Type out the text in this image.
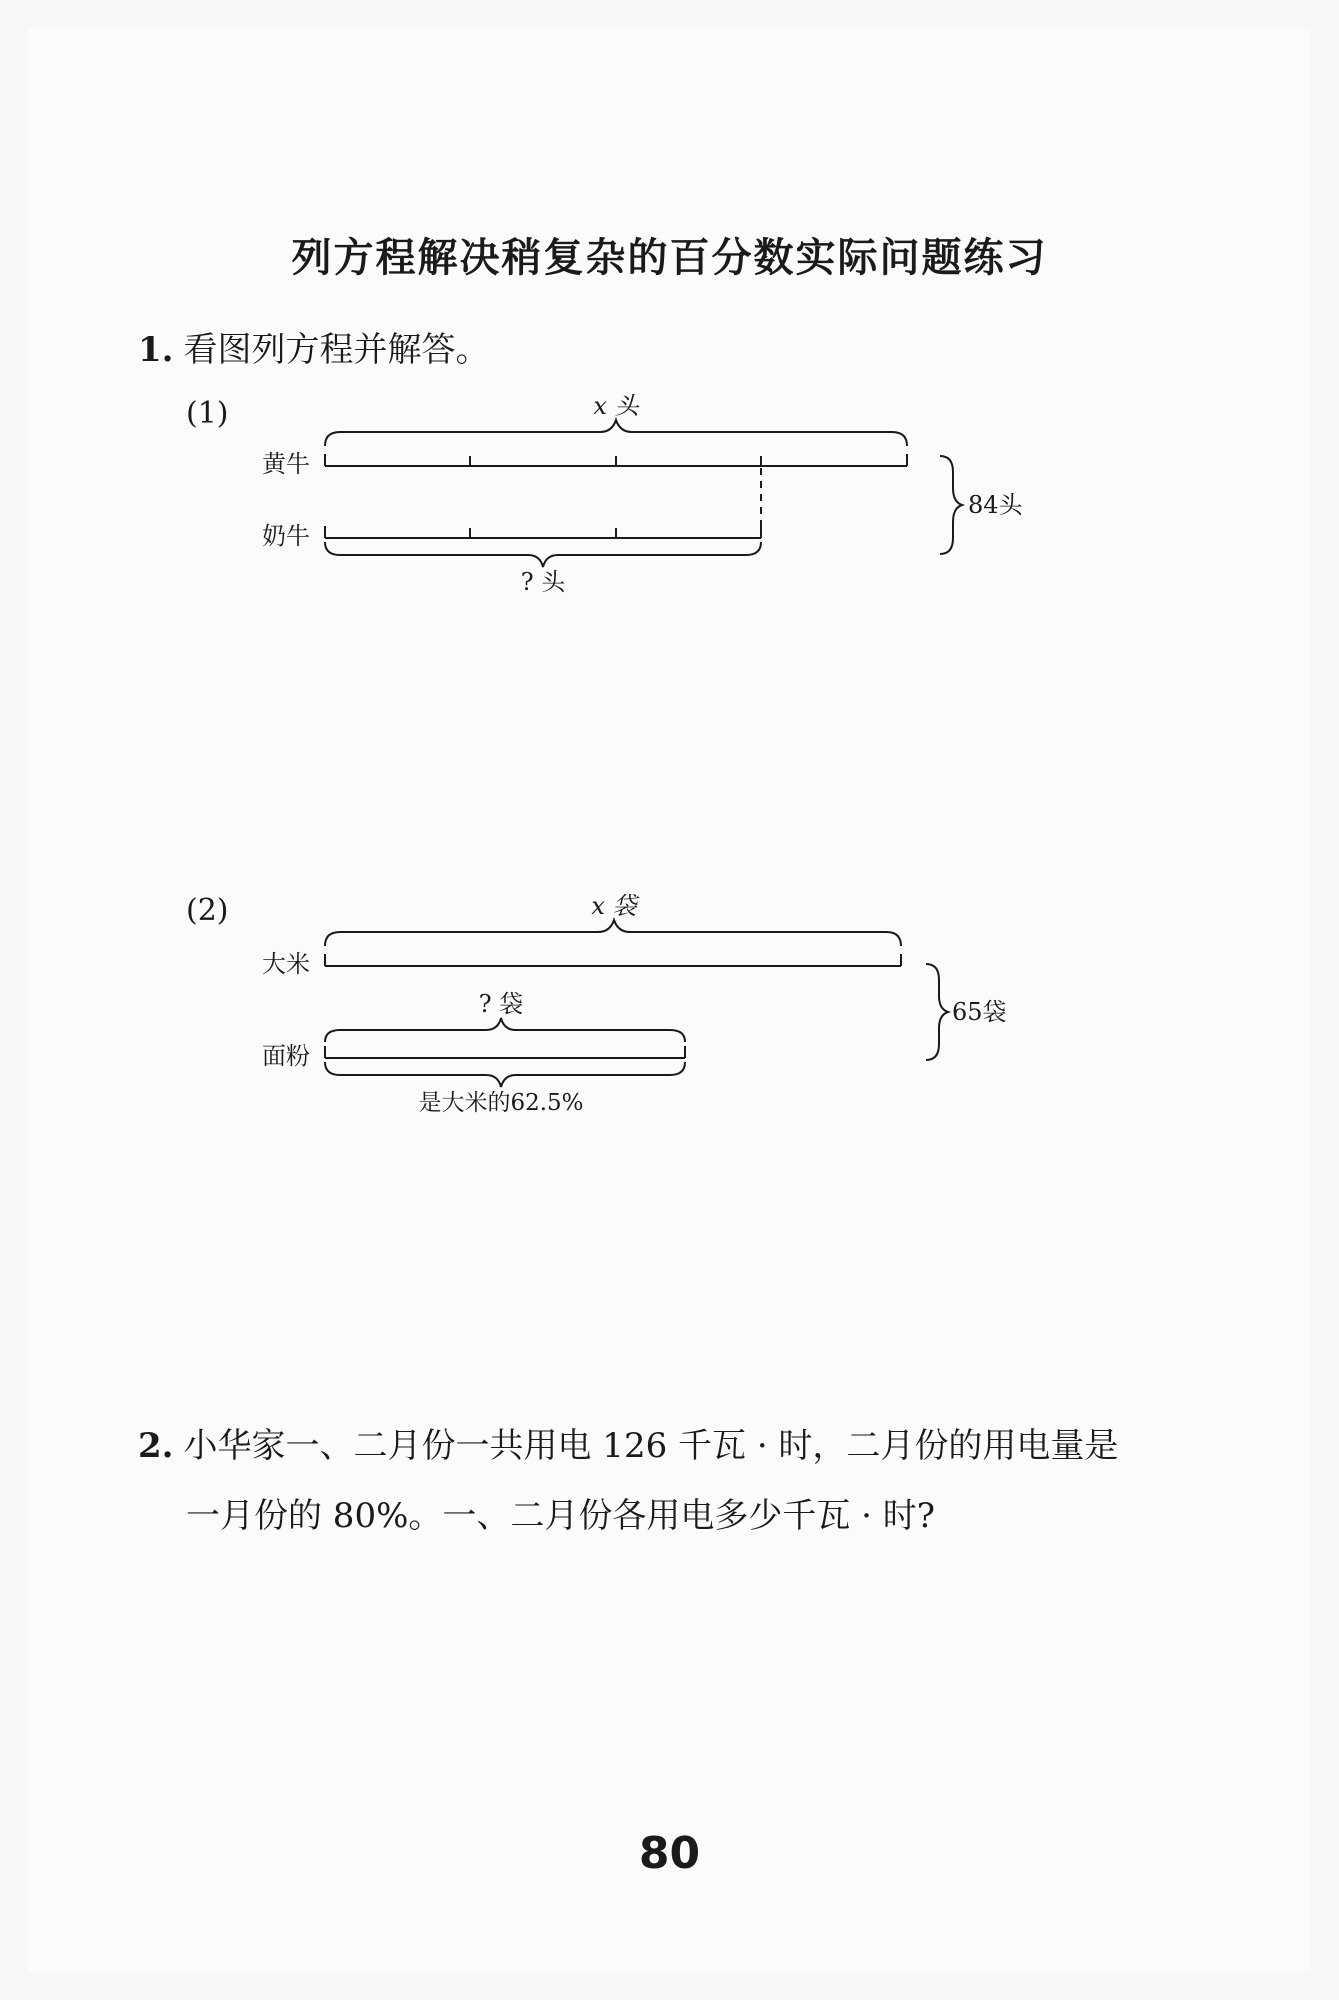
列方程解决稍复杂的百分数实际问题练习
1. 看图列方程并解答。
(1)
(2)
黄牛
奶牛
x 头
? 头
84头
大米
面粉
x 袋
? 袋
是大米的62.5%
65袋
2. 小华家一、二月份一共用电 126 千瓦 · 时，二月份的用电量是
一月份的 80%。一、二月份各用电多少千瓦 · 时?
80
